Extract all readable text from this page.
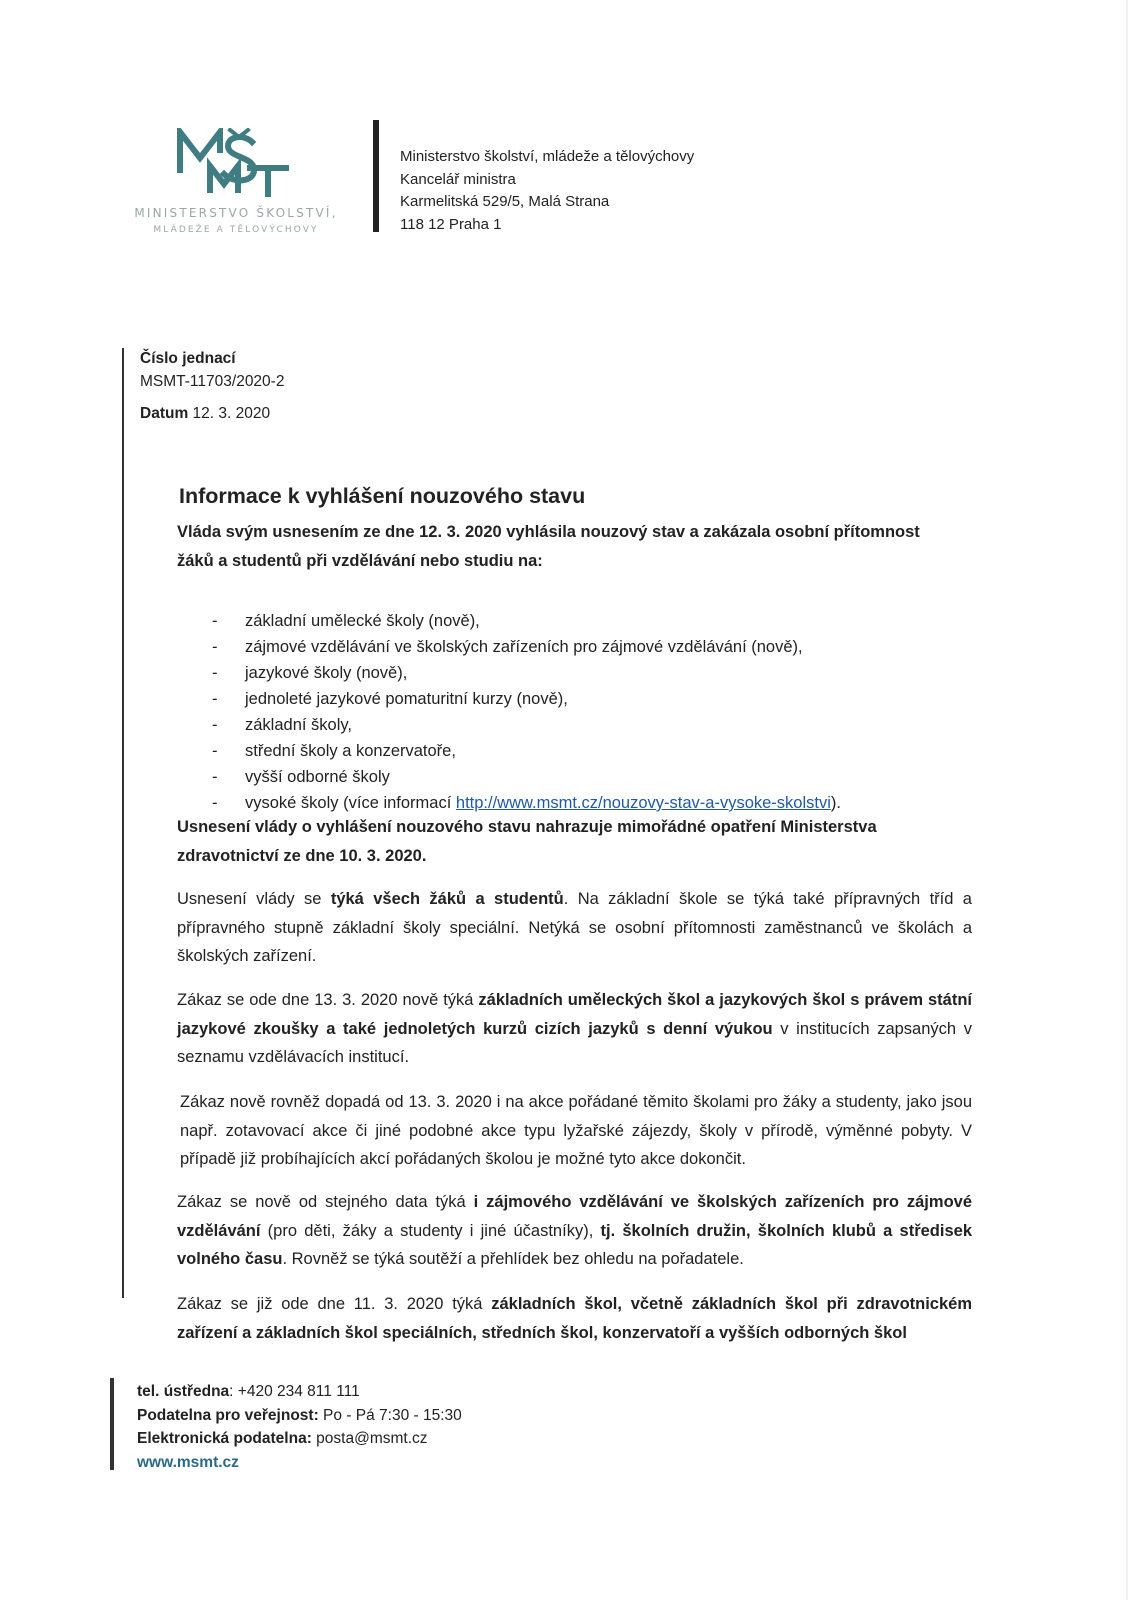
MINISTERSTVO ŠKOLSTVÍ,
MLÁDEŽE A TĚLOVÝCHOVY
Ministerstvo školství, mládeže a tělovýchovy
Kancelář ministra
Karmelitská 529/5, Malá Strana
118 12 Praha 1
Číslo jednací
MSMT-11703/2020-2
Datum 12. 3. 2020
Informace k vyhlášení nouzového stavu
Vláda svým usnesením ze dne 12. 3. 2020 vyhlásila nouzový stav a zakázala osobní přítomnost
žáků a studentů při vzdělávání nebo studiu na:
- základní umělecké školy (nově),
- zájmové vzdělávání ve školských zařízeních pro zájmové vzdělávání (nově),
- jazykové školy (nově),
- jednoleté jazykové pomaturitní kurzy (nově),
- základní školy,
- střední školy a konzervatoře,
- vyšší odborné školy
- vysoké školy (více informací http://www.msmt.cz/nouzovy-stav-a-vysoke-skolstvi).
Usnesení vlády o vyhlášení nouzového stavu nahrazuje mimořádné opatření Ministerstva
zdravotnictví ze dne 10. 3. 2020.
Usnesení vlády se týká všech žáků a studentů. Na základní škole se týká také přípravných tříd a přípravného stupně základní školy speciální. Netýká se osobní přítomnosti zaměstnanců ve školách a školských zařízení.
Zákaz se ode dne 13. 3. 2020 nově týká základních uměleckých škol a jazykových škol s právem státní jazykové zkoušky a také jednoletých kurzů cizích jazyků s denní výukou v institucích zapsaných v seznamu vzdělávacích institucí.
Zákaz nově rovněž dopadá od 13. 3. 2020 i na akce pořádané těmito školami pro žáky a studenty, jako jsou např. zotavovací akce či jiné podobné akce typu lyžařské zájezdy, školy v přírodě, výměnné pobyty. V případě již probíhajících akcí pořádaných školou je možné tyto akce dokončit.
Zákaz se nově od stejného data týká i zájmového vzdělávání ve školských zařízeních pro zájmové vzdělávání (pro děti, žáky a studenty i jiné účastníky), tj. školních družin, školních klubů a středisek volného času. Rovněž se týká soutěží a přehlídek bez ohledu na pořadatele.
Zákaz se již ode dne 11. 3. 2020 týká základních škol, včetně základních škol při zdravotnickém zařízení a základních škol speciálních, středních škol, konzervatoří a vyšších odborných škol
tel. ústředna: +420 234 811 111
Podatelna pro veřejnost: Po - Pá 7:30 - 15:30
Elektronická podatelna: posta@msmt.cz
www.msmt.cz
